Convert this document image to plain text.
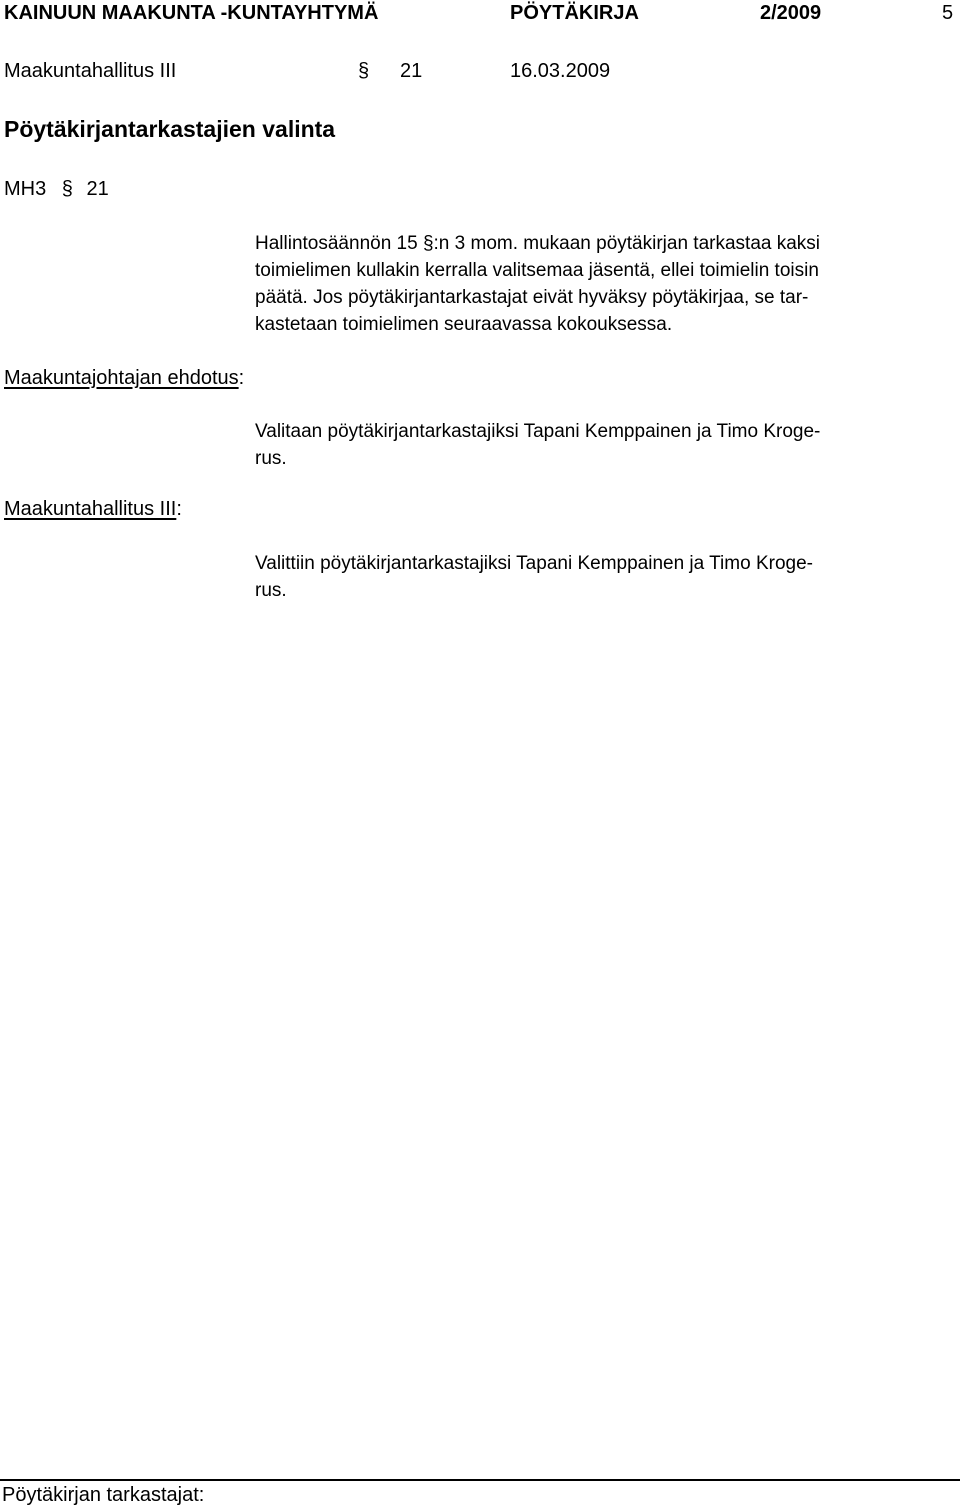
KAINUUN MAAKUNTA -KUNTAYHTYMÄ	PÖYTÄKIRJA	2/2009	5
Maakuntahallitus III	§ 21	16.03.2009
Pöytäkirjantarkastajien valinta
MH3 § 21
Hallintosäännön 15 §:n 3 mom. mukaan pöytäkirjan tarkastaa kaksi
toimielimen kullakin kerralla valitsemaa jäsentä, ellei toimielin toisin
päätä. Jos pöytäkirjantarkastajat eivät hyväksy pöytäkirjaa, se tar-
kastetaan toimielimen seuraavassa kokouksessa.
Maakuntajohtajan ehdotus:
Valitaan pöytäkirjantarkastajiksi Tapani Kemppainen ja Timo Kroge-
rus.
Maakuntahallitus III:
Valittiin pöytäkirjantarkastajiksi Tapani Kemppainen ja Timo Kroge-
rus.
Pöytäkirjan tarkastajat:
